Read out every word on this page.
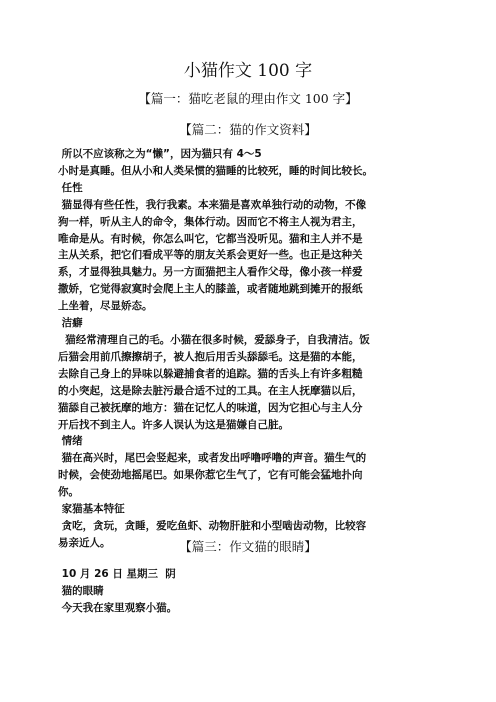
小猫作文 100 字
【篇一：猫吃老鼠的理由作文 100 字】
【篇二：猫的作文资料】

所以不应该称之为“懒”，因为猫只有 4～5

小时是真睡。但从小和人类呆惯的猫睡的比较死，睡的时间比较长。

任性

猫显得有些任性，我行我素。本来猫是喜欢单独行动的动物，不像

狗一样，听从主人的命令，集体行动。因而它不将主人视为君主，

唯命是从。有时候，你怎么叫它，它都当没听见。猫和主人并不是

主从关系，把它们看成平等的朋友关系会更好一些。也正是这种关

系，才显得独具魅力。另一方面猫把主人看作父母，像小孩一样爱

撒娇，它觉得寂寞时会爬上主人的膝盖，或者随地跳到摊开的报纸

上坐着，尽显娇态。

洁癖

猫经常清理自己的毛。小猫在很多时候，爱舔身子，自我清洁。饭

后猫会用前爪擦擦胡子，被人抱后用舌头舔舔毛。这是猫的本能，

去除自己身上的异味以躲避捕食者的追踪。猫的舌头上有许多粗糙

的小突起，这是除去脏污最合适不过的工具。在主人抚摩猫以后，

猫舔自己被抚摩的地方：猫在记忆人的味道，因为它担心与主人分

开后找不到主人。许多人误认为这是猫嫌自己脏。

情绪

猫在高兴时，尾巴会竖起来，或者发出呼噜呼噜的声音。猫生气的

时候，会使劲地摇尾巴。如果你惹它生气了，它有可能会猛地扑向

你。

家猫基本特征

贪吃，贪玩，贪睡，爱吃鱼虾、动物肝脏和小型啮齿动物，比较容

易亲近人。	【篇三：作文猫的眼睛】

10 月 26 日 星期三  阴

猫的眼睛

今天我在家里观察小猫。
